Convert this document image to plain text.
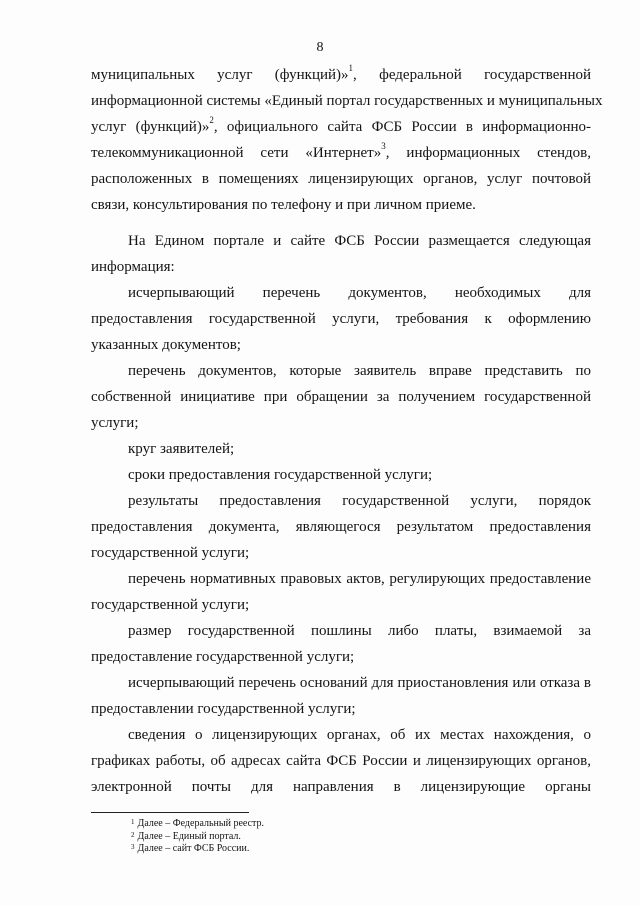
8
муниципальных услуг (функций)»$^1$, федеральной государственной
информационной системы «Единый портал государственных и муниципальных
услуг (функций)»$^2$, официального сайта ФСБ России в информационно-
телекоммуникационной сети «Интернет»$^3$, информационных стендов,
расположенных в помещениях лицензирующих органов, услуг почтовой
связи, консультирования по телефону и при личном приеме.
На Едином портале и сайте ФСБ России размещается следующая
информация:
исчерпывающий перечень документов, необходимых для
предоставления государственной услуги, требования к оформлению
указанных документов;
перечень документов, которые заявитель вправе представить по
собственной инициативе при обращении за получением государственной
услуги;
круг заявителей;
сроки предоставления государственной услуги;
результаты предоставления государственной услуги, порядок
предоставления документа, являющегося результатом предоставления
государственной услуги;
перечень нормативных правовых актов, регулирующих предоставление
государственной услуги;
размер государственной пошлины либо платы, взимаемой за
предоставление государственной услуги;
исчерпывающий перечень оснований для приостановления или отказа в
предоставлении государственной услуги;
сведения о лицензирующих органах, об их местах нахождения, о
графиках работы, об адресах сайта ФСБ России и лицензирующих органов,
электронной почты для направления в лицензирующие органы
$^1$ Далее – Федеральный реестр.
$^2$ Далее – Единый портал.
$^3$ Далее – сайт ФСБ России.
